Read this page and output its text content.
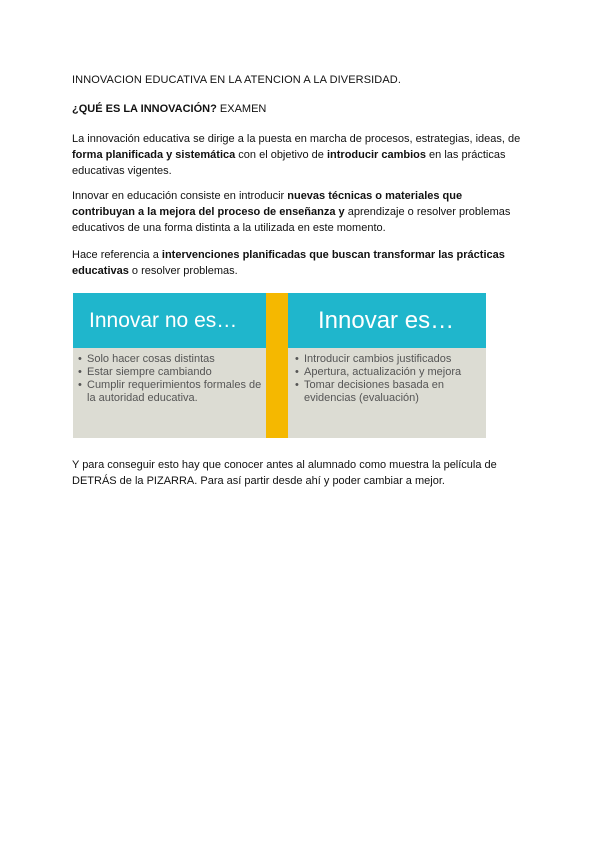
INNOVACION EDUCATIVA EN LA ATENCION A LA DIVERSIDAD.

¿QUÉ ES LA INNOVACIÓN? EXAMEN

La innovación educativa se dirige a la puesta en marcha de procesos, estrategias, ideas, de forma planificada y sistemática con el objetivo de introducir cambios en las prácticas educativas vigentes.

Innovar en educación consiste en introducir nuevas técnicas o materiales que contribuyan a la mejora del proceso de enseñanza y aprendizaje o resolver problemas educativos de una forma distinta a la utilizada en este momento.

Hace referencia a intervenciones planificadas que buscan transformar las prácticas educativas o resolver problemas.

Y para conseguir esto hay que conocer antes al alumnado como muestra la película de DETRÁS de la PIZARRA. Para así partir desde ahí y poder cambiar a mejor.

Innovar no es…
• Solo hacer cosas distintas
• Estar siempre cambiando
• Cumplir requerimientos formales de la autoridad educativa.
Innovar es…
• Introducir cambios justificados
• Apertura, actualización y mejora
• Tomar decisiones basada en evidencias (evaluación)
